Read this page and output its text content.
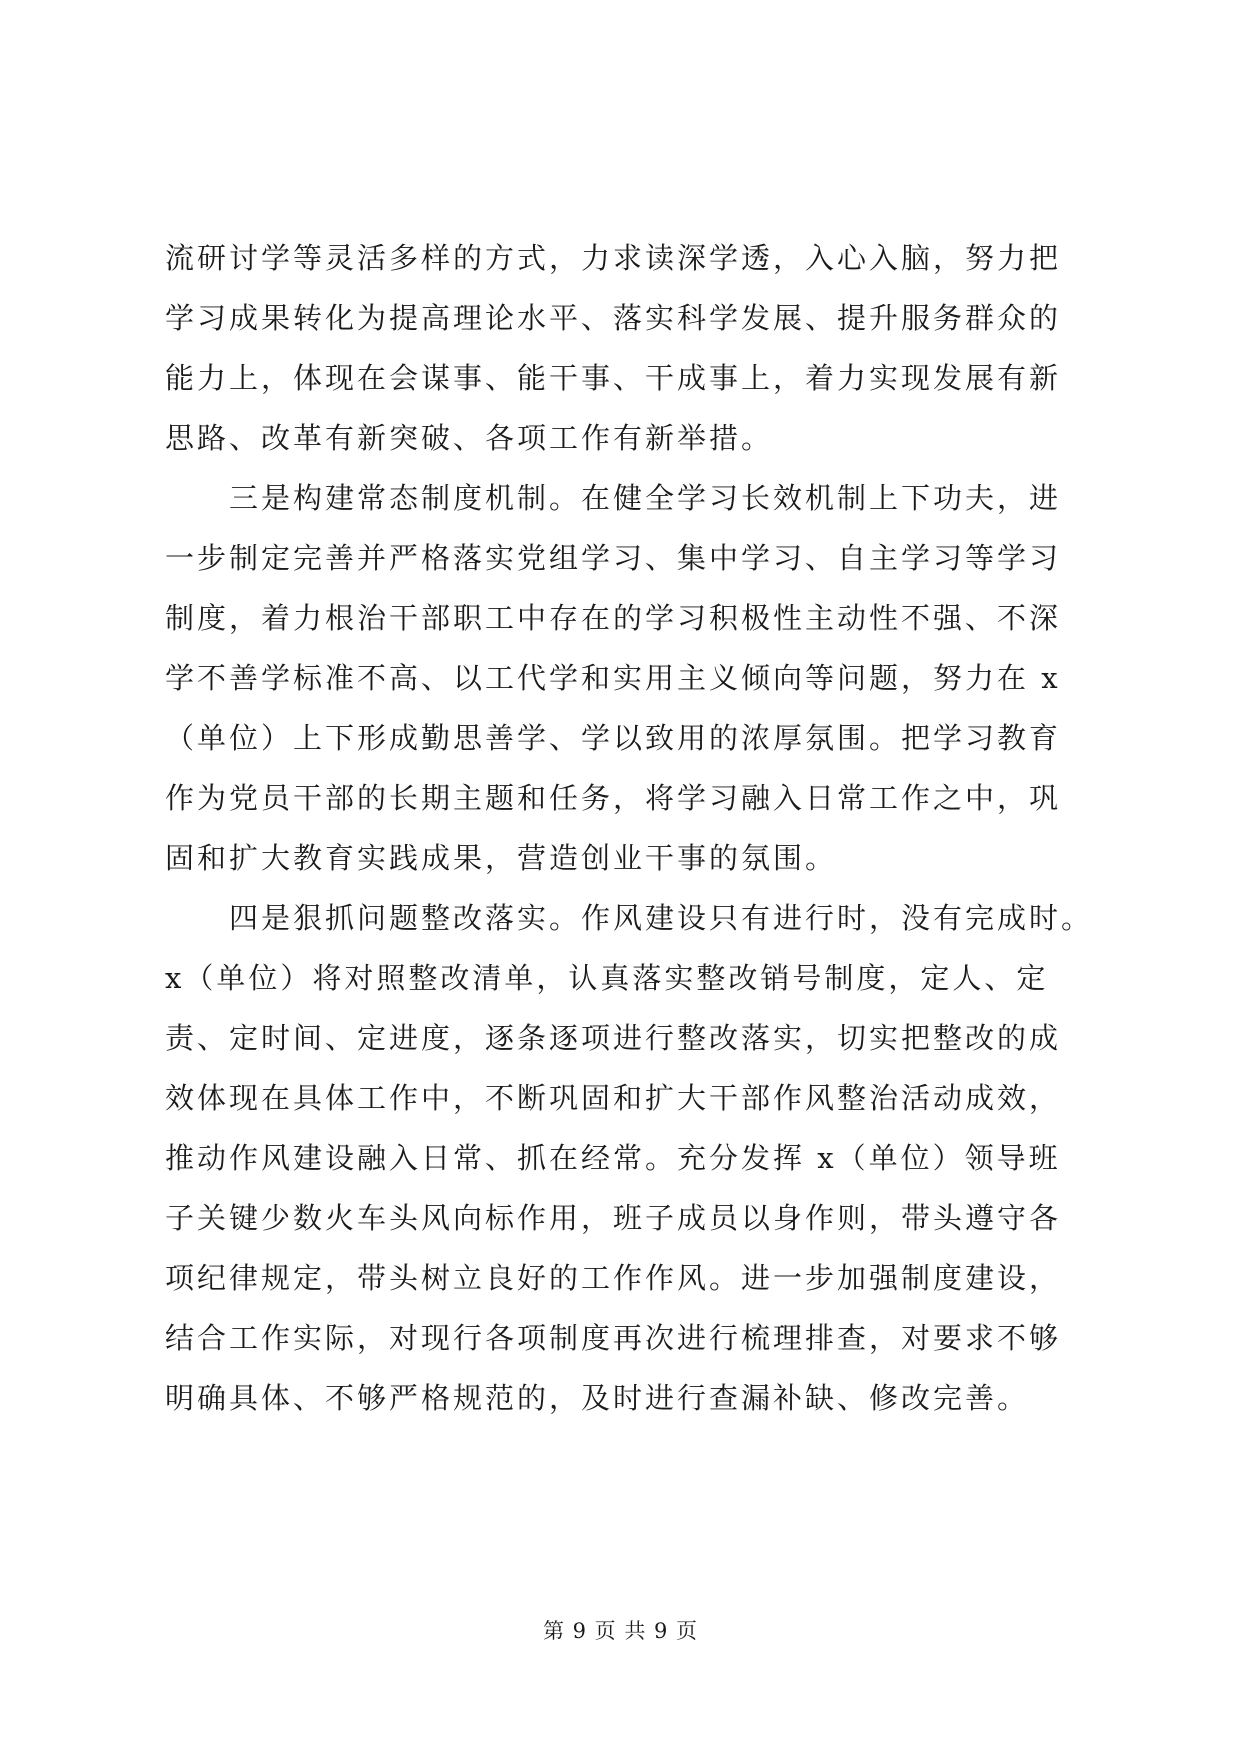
流研讨学等灵活多样的方式，力求读深学透，入心入脑，努力把
学习成果转化为提高理论水平、落实科学发展、提升服务群众的
能力上，体现在会谋事、能干事、干成事上，着力实现发展有新
思路、改革有新突破、各项工作有新举措。
三是构建常态制度机制。在健全学习长效机制上下功夫，进
一步制定完善并严格落实党组学习、集中学习、自主学习等学习
制度，着力根治干部职工中存在的学习积极性主动性不强、不深
学不善学标准不高、以工代学和实用主义倾向等问题，努力在 x
（单位）上下形成勤思善学、学以致用的浓厚氛围。把学习教育
作为党员干部的长期主题和任务，将学习融入日常工作之中，巩
固和扩大教育实践成果，营造创业干事的氛围。
四是狠抓问题整改落实。作风建设只有进行时，没有完成时。
x（单位）将对照整改清单，认真落实整改销号制度，定人、定
责、定时间、定进度，逐条逐项进行整改落实，切实把整改的成
效体现在具体工作中，不断巩固和扩大干部作风整治活动成效，
推动作风建设融入日常、抓在经常。充分发挥 x（单位）领导班
子关键少数火车头风向标作用，班子成员以身作则，带头遵守各
项纪律规定，带头树立良好的工作作风。进一步加强制度建设，
结合工作实际，对现行各项制度再次进行梳理排查，对要求不够
明确具体、不够严格规范的，及时进行查漏补缺、修改完善。
第 9 页 共 9 页
